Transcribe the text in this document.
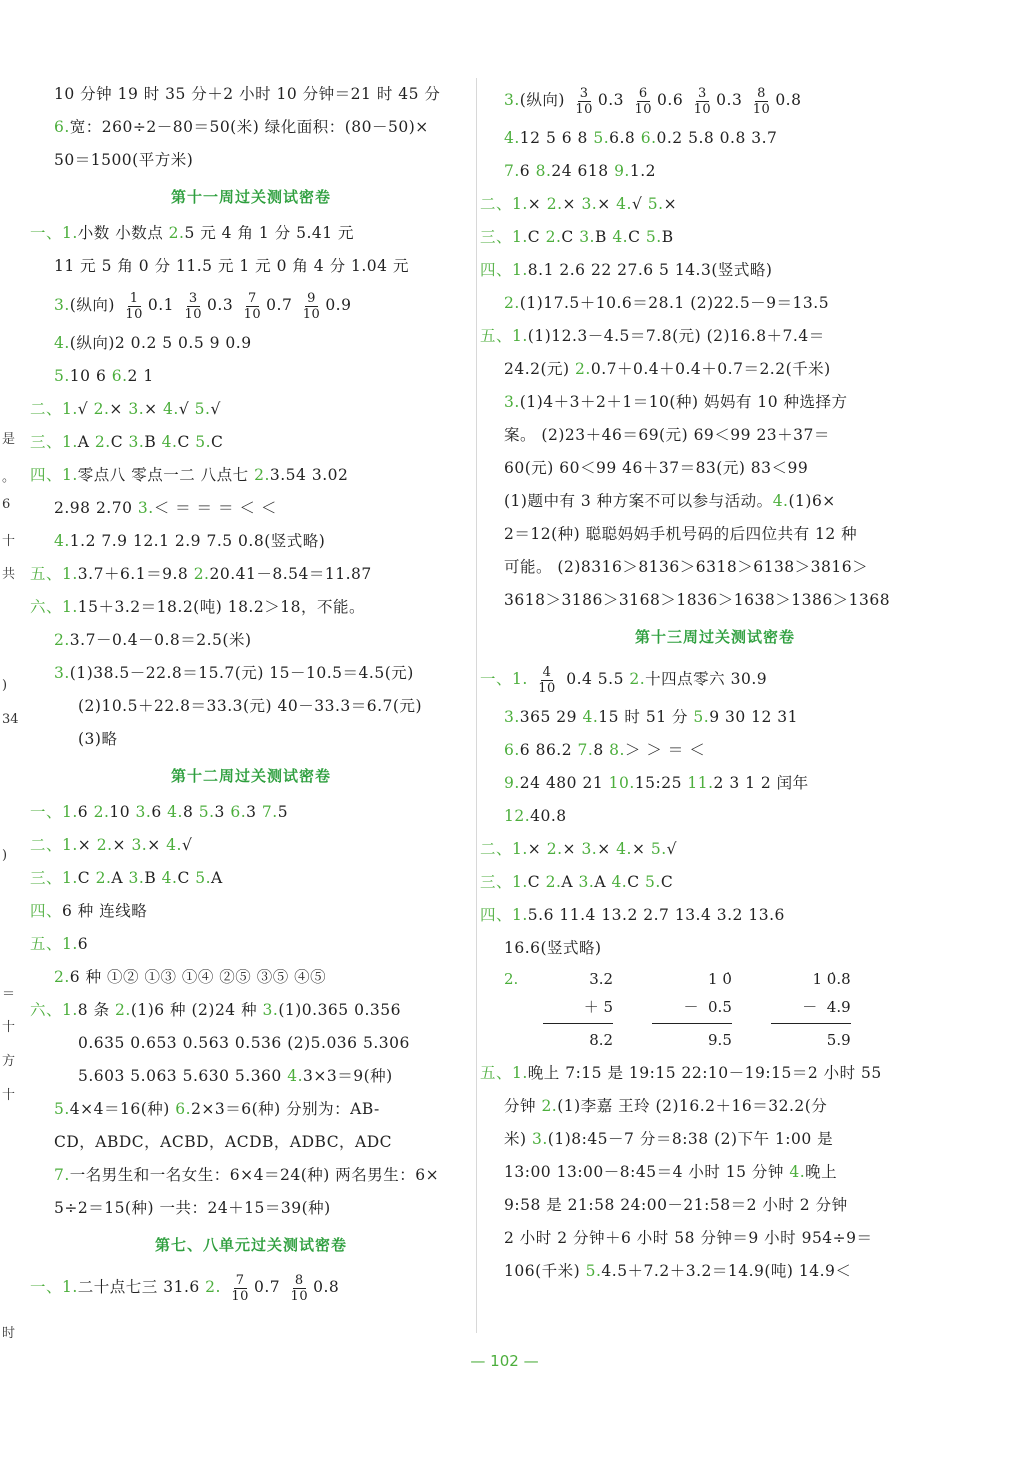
10 分钟 19 时 35 分＋2 小时 10 分钟＝21 时 45 分
6.宽：260÷2－80＝50(米) 绿化面积：(80－50)×
50＝1500(平方米)
第十一周过关测试密卷
一、1.小数 小数点 2.5 元 4 角 1 分 5.41 元
11 元 5 角 0 分 11.5 元 1 元 0 角 4 分 1.04 元
3.(纵向) $\frac{1}{10} 0.1 \frac{3}{10} 0.3 \frac{7}{10} 0.7 \frac{9}{10} 0.9$
4.(纵向)2 0.2 5 0.5 9 0.9
5.10 6 6.2 1
二、1.√ 2.× 3.× 4.√ 5.√
三、1.A 2.C 3.B 4.C 5.C
四、1.零点八 零点一二 八点七 2.3.54 3.02
2.98 2.70 3.＜ ＝ ＝ ＝ ＜ ＜
4.1.2 7.9 12.1 2.9 7.5 0.8(竖式略)
五、1.3.7＋6.1＝9.8 2.20.41－8.54＝11.87
六、1.15＋3.2＝18.2(吨) 18.2＞18，不能。
2.3.7－0.4－0.8＝2.5(米)
3.(1)38.5－22.8＝15.7(元) 15－10.5＝4.5(元)
(2)10.5＋22.8＝33.3(元) 40－33.3＝6.7(元)
(3)略
第十二周过关测试密卷
一、1.6 2.10 3.6 4.8 5.3 6.3 7.5
二、1.× 2.× 3.× 4.√
三、1.C 2.A 3.B 4.C 5.A
四、6 种 连线略
五、1.6
2.6 种 ①② ①③ ①④ ②⑤ ③⑤ ④⑤
六、1.8 条 2.(1)6 种 (2)24 种 3.(1)0.365 0.356
0.635 0.653 0.563 0.536 (2)5.036 5.306
5.603 5.063 5.630 5.360 4.3×3＝9(种)
5.4×4＝16(种) 6.2×3＝6(种) 分别为：AB-
CD，ABDC，ACBD，ACDB，ADBC，ADC
7.一名男生和一名女生：6×4＝24(种) 两名男生：6×
5÷2＝15(种) 一共：24＋15＝39(种)
第七、八单元过关测试密卷
一、1.二十点七三 31.6 2. $\frac{7}{10} 0.7 \frac{8}{10} 0.8$
3.(纵向) $\frac{3}{10} 0.3 \frac{6}{10} 0.6 \frac{3}{10} 0.3 \frac{8}{10} 0.8$
4.12 5 6 8 5.6.8 6.0.2 5.8 0.8 3.7
7.6 8.24 618 9.1.2
二、1.× 2.× 3.× 4.√ 5.×
三、1.C 2.C 3.B 4.C 5.B
四、1.8.1 2.6 22 27.6 5 14.3(竖式略)
2.(1)17.5＋10.6＝28.1 (2)22.5－9＝13.5
五、1.(1)12.3－4.5＝7.8(元) (2)16.8＋7.4＝
24.2(元) 2.0.7＋0.4＋0.4＋0.7＝2.2(千米)
3.(1)4＋3＋2＋1＝10(种) 妈妈有 10 种选择方
案。 (2)23＋46＝69(元) 69＜99 23＋37＝
60(元) 60＜99 46＋37＝83(元) 83＜99
(1)题中有 3 种方案不可以参与活动。4.(1)6×
2＝12(种) 聪聪妈妈手机号码的后四位共有 12 种
可能。 (2)8316＞8136＞6318＞6138＞3816＞
3618＞3186＞3168＞1836＞1638＞1386＞1368
第十三周过关测试密卷
一、1. $\frac{4}{10} 0.4$ 5.5 2.十四点零六 30.9
3.365 29 4.15 时 51 分 5.9 30 12 31
6.6 86.2 7.8 8.＞ ＞ ＝ ＜
9.24 480 21 10.15:25 11.2 3 1 2 闰年
12.40.8
二、1.× 2.× 3.× 4.× 5.√
三、1.C 2.A 3.A 4.C 5.C
四、1.5.6 11.4 13.2 2.7 13.4 3.2 13.6
16.6(竖式略)
2.	3.2
＋ 5
8.2

1 0̇
－  0.5
9.5

1 0̇.8
－  4.9
5.9
五、1.晚上 7:15 是 19:15 22:10－19:15＝2 小时 55
分钟 2.(1)李嘉 王玲 (2)16.2＋16＝32.2(分
米) 3.(1)8:45－7 分＝8:38 (2)下午 1:00 是
13:00 13:00－8:45＝4 小时 15 分钟 4.晚上
9:58 是 21:58 24:00－21:58＝2 小时 2 分钟
2 小时 2 分钟＋6 小时 58 分钟＝9 小时 954÷9＝
106(千米) 5.4.5＋7.2＋3.2＝14.9(吨) 14.9＜
是
。
6
十
共
)
34
)
＝
十
方
十
时
— 102 —
